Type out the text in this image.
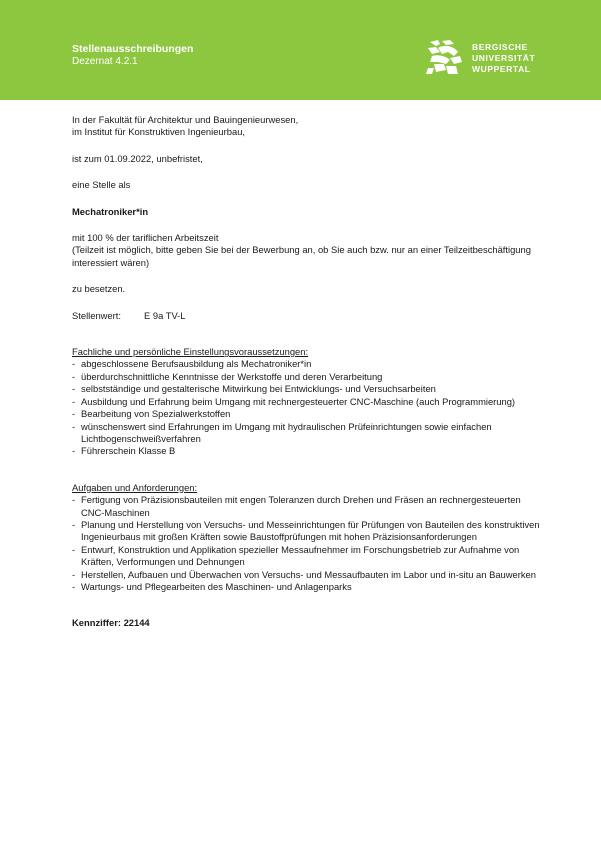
Stellenausschreibungen
Dezernat 4.2.1
BERGISCHE
UNIVERSITÄT
WUPPERTAL

In der Fakultät für Architektur und Bauingenieurwesen,

im Institut für Konstruktiven Ingenieurbau,

ist zum 01.09.2022, unbefristet,

eine Stelle als

Mechatroniker*in

mit 100 % der tariflichen Arbeitszeit

(Teilzeit ist möglich, bitte geben Sie bei der Bewerbung an, ob Sie auch bzw. nur an einer Teilzeitbeschäftigung interessiert wären)

zu besetzen.

Stellenwert: E 9a TV-L

Fachliche und persönliche Einstellungsvoraussetzungen:

- abgeschlossene Berufsausbildung als Mechatroniker*in
- überdurchschnittliche Kenntnisse der Werkstoffe und deren Verarbeitung
- selbstständige und gestalterische Mitwirkung bei Entwicklungs- und Versuchsarbeiten
- Ausbildung und Erfahrung beim Umgang mit rechnergesteuerter CNC-Maschine (auch Programmierung)
- Bearbeitung von Spezialwerkstoffen
- wünschenswert sind Erfahrungen im Umgang mit hydraulischen Prüfeinrichtungen sowie einfachen Lichtbogenschweißverfahren
- Führerschein Klasse B

Aufgaben und Anforderungen:

- Fertigung von Präzisionsbauteilen mit engen Toleranzen durch Drehen und Fräsen an rechnergesteuerten CNC-Maschinen
- Planung und Herstellung von Versuchs- und Messeinrichtungen für Prüfungen von Bauteilen des konstruktiven Ingenieurbaus mit großen Kräften sowie Baustoffprüfungen mit hohen Präzisionsanforderungen
- Entwurf, Konstruktion und Applikation spezieller Messaufnehmer im Forschungsbetrieb zur Aufnahme von Kräften, Verformungen und Dehnungen
- Herstellen, Aufbauen und Überwachen von Versuchs- und Messaufbauten im Labor und in-situ an Bauwerken
- Wartungs- und Pflegearbeiten des Maschinen- und Anlagenparks

Kennziffer: 22144
